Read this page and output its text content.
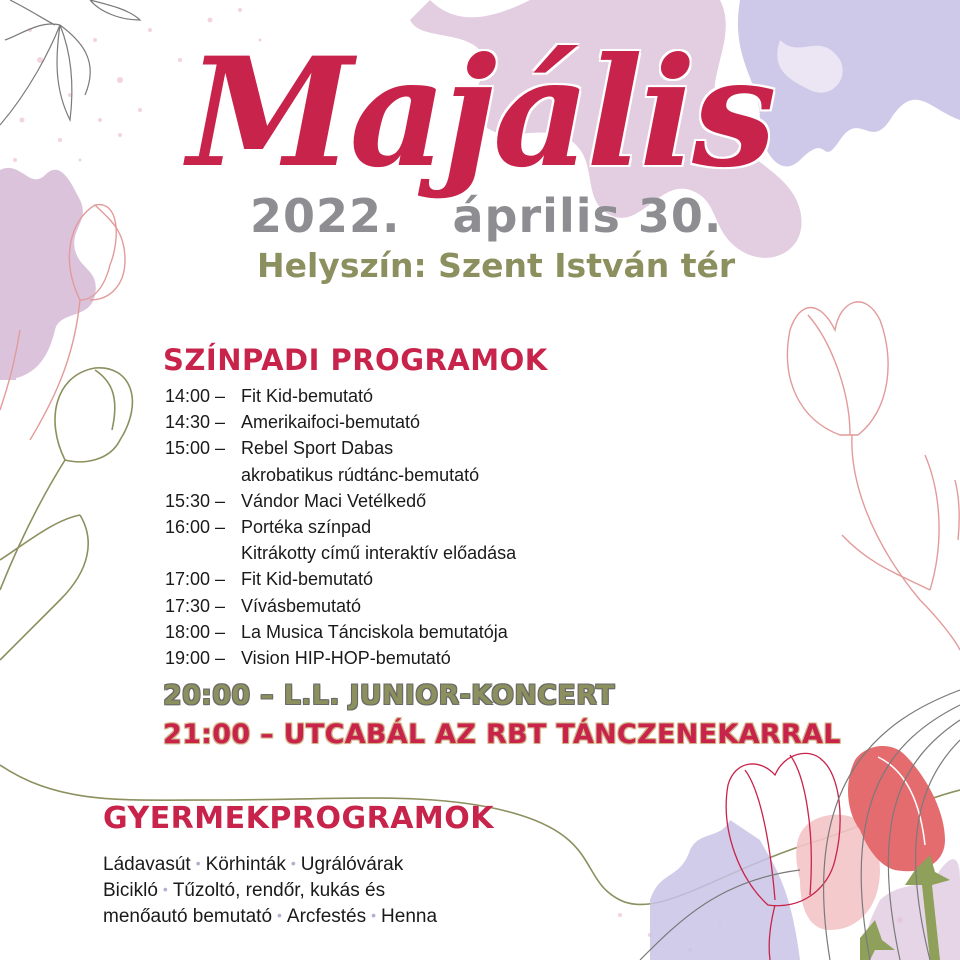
Majális
2022. április 30.
Helyszín: Szent István tér
SZÍNPADI PROGRAMOK
14:00 – Fit Kid-bemutató
14:30 – Amerikaifoci-bemutató
15:00 – Rebel Sport Dabas
akrobatikus rúdtánc-bemutató
15:30 – Vándor Maci Vetélkedő
16:00 – Portéka színpad
Kitrákotty című interaktív előadása
17:00 – Fit Kid-bemutató
17:30 – Vívásbemutató
18:00 – La Musica Tánciskola bemutatója
19:00 – Vision HIP-HOP-bemutató
20:00 – L.L. JUNIOR-KONCERT
21:00 – UTCABÁL AZ RBT TÁNCZENEKARRAL
GYERMEKPROGRAMOK
Ládavasút • Körhinták • Ugrálóvárak
Bicikló • Tűzoltó, rendőr, kukás és
menőautó bemutató • Arcfestés • Henna
